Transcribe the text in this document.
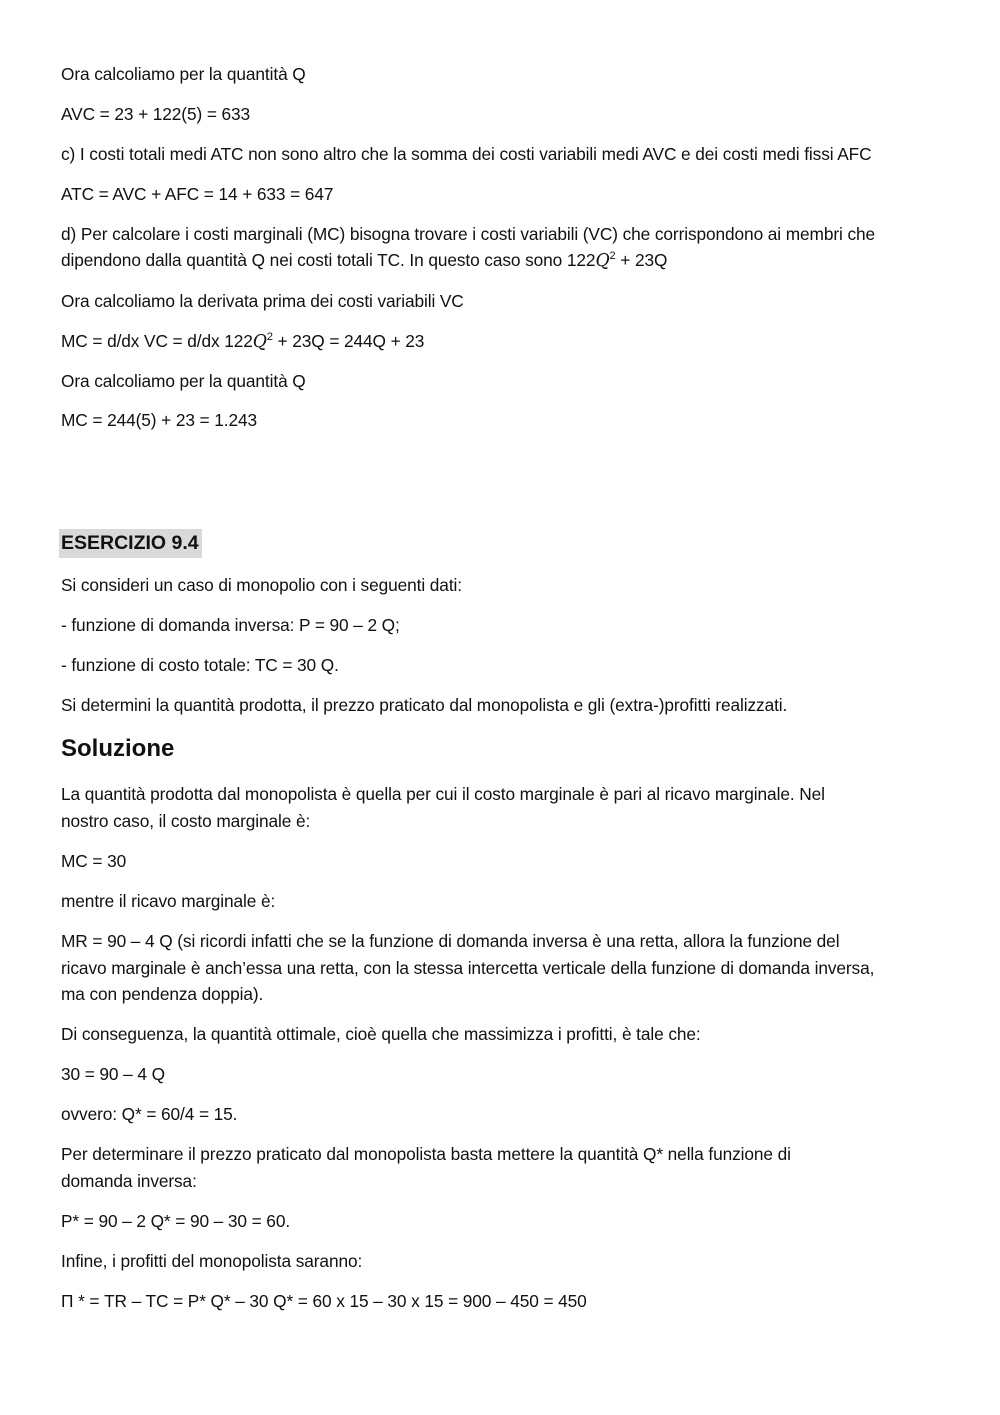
Ora calcoliamo per la quantità Q
AVC = 23 + 122(5) = 633
c) I costi totali medi ATC non sono altro che la somma dei costi variabili medi AVC e dei costi medi fissi AFC
ATC = AVC + AFC = 14 + 633 = 647
d) Per calcolare i costi marginali (MC) bisogna trovare i costi variabili (VC) che corrispondono ai membri che
dipendono dalla quantità Q nei costi totali TC. In questo caso sono $122Q^2 + 23Q$
Ora calcoliamo la derivata prima dei costi variabili VC
MC = d/dx VC = d/dx $122Q^2 + 23Q = 244Q + 23$
Ora calcoliamo per la quantità Q
MC = 244(5) + 23 = 1.243
ESERCIZIO 9.4
Si consideri un caso di monopolio con i seguenti dati:
- funzione di domanda inversa: P = 90 – 2 Q;
- funzione di costo totale: TC = 30 Q.
Si determini la quantità prodotta, il prezzo praticato dal monopolista e gli (extra-)profitti realizzati.
Soluzione
La quantità prodotta dal monopolista è quella per cui il costo marginale è pari al ricavo marginale. Nel
nostro caso, il costo marginale è:
MC = 30
mentre il ricavo marginale è:
MR = 90 – 4 Q (si ricordi infatti che se la funzione di domanda inversa è una retta, allora la funzione del
ricavo marginale è anch’essa una retta, con la stessa intercetta verticale della funzione di domanda inversa,
ma con pendenza doppia).
Di conseguenza, la quantità ottimale, cioè quella che massimizza i profitti, è tale che:
30 = 90 – 4 Q
ovvero: Q* = 60/4 = 15.
Per determinare il prezzo praticato dal monopolista basta mettere la quantità Q* nella funzione di
domanda inversa:
P* = 90 – 2 Q* = 90 – 30 = 60.
Infine, i profitti del monopolista saranno:
Π * = TR – TC = P* Q* – 30 Q* = 60 x 15 – 30 x 15 = 900 – 450 = 450
